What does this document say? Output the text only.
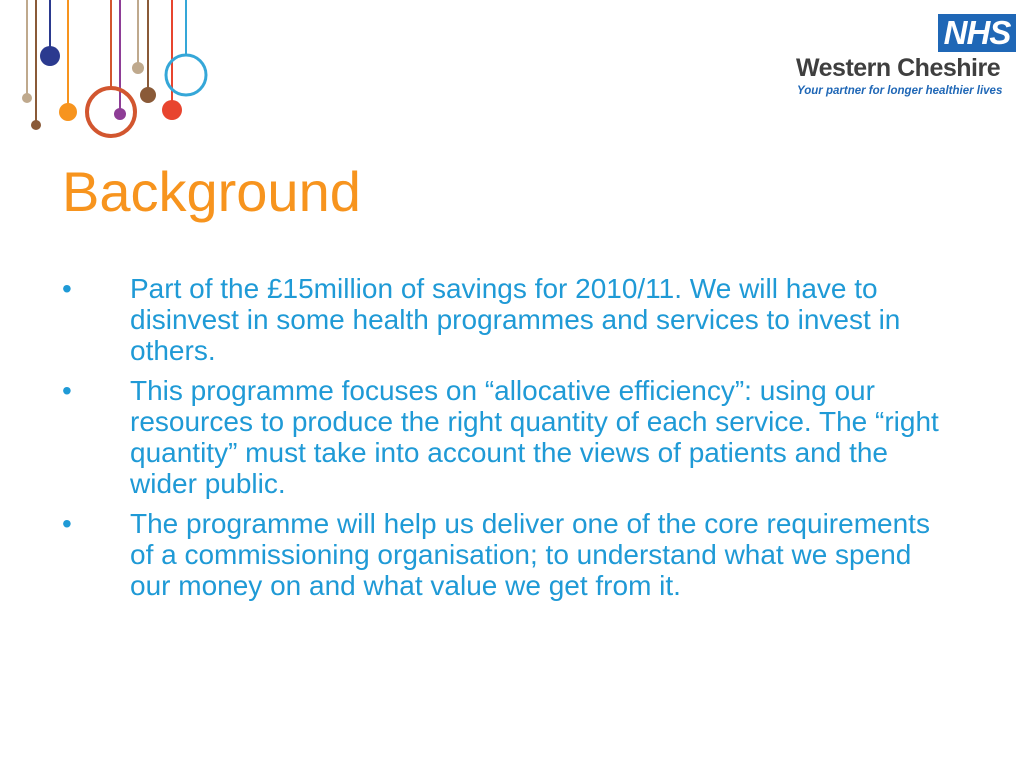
NHS
Western Cheshire
Your partner for longer healthier lives
Background
• Part of the £15million of savings for 2010/11. We will have to disinvest in some health programmes and services to invest in others.
• This programme focuses on “allocative efficiency”: using our resources to produce the right quantity of each service. The “right quantity” must take into account the views of patients and the wider public.
• The programme will help us deliver one of the core requirements of a commissioning organisation; to understand what we spend our money on and what value we get from it.
